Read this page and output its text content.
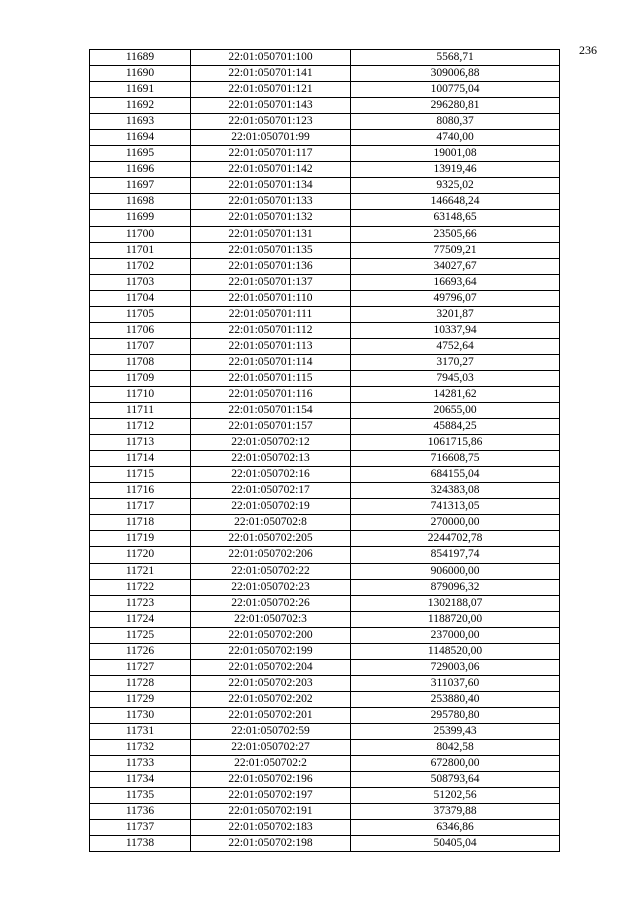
236
11689	22:01:050701:100	5568,71
11690	22:01:050701:141	309006,88
11691	22:01:050701:121	100775,04
11692	22:01:050701:143	296280,81
11693	22:01:050701:123	8080,37
11694	22:01:050701:99	4740,00
11695	22:01:050701:117	19001,08
11696	22:01:050701:142	13919,46
11697	22:01:050701:134	9325,02
11698	22:01:050701:133	146648,24
11699	22:01:050701:132	63148,65
11700	22:01:050701:131	23505,66
11701	22:01:050701:135	77509,21
11702	22:01:050701:136	34027,67
11703	22:01:050701:137	16693,64
11704	22:01:050701:110	49796,07
11705	22:01:050701:111	3201,87
11706	22:01:050701:112	10337,94
11707	22:01:050701:113	4752,64
11708	22:01:050701:114	3170,27
11709	22:01:050701:115	7945,03
11710	22:01:050701:116	14281,62
11711	22:01:050701:154	20655,00
11712	22:01:050701:157	45884,25
11713	22:01:050702:12	1061715,86
11714	22:01:050702:13	716608,75
11715	22:01:050702:16	684155,04
11716	22:01:050702:17	324383,08
11717	22:01:050702:19	741313,05
11718	22:01:050702:8	270000,00
11719	22:01:050702:205	2244702,78
11720	22:01:050702:206	854197,74
11721	22:01:050702:22	906000,00
11722	22:01:050702:23	879096,32
11723	22:01:050702:26	1302188,07
11724	22:01:050702:3	1188720,00
11725	22:01:050702:200	237000,00
11726	22:01:050702:199	1148520,00
11727	22:01:050702:204	729003,06
11728	22:01:050702:203	311037,60
11729	22:01:050702:202	253880,40
11730	22:01:050702:201	295780,80
11731	22:01:050702:59	25399,43
11732	22:01:050702:27	8042,58
11733	22:01:050702:2	672800,00
11734	22:01:050702:196	508793,64
11735	22:01:050702:197	51202,56
11736	22:01:050702:191	37379,88
11737	22:01:050702:183	6346,86
11738	22:01:050702:198	50405,04
